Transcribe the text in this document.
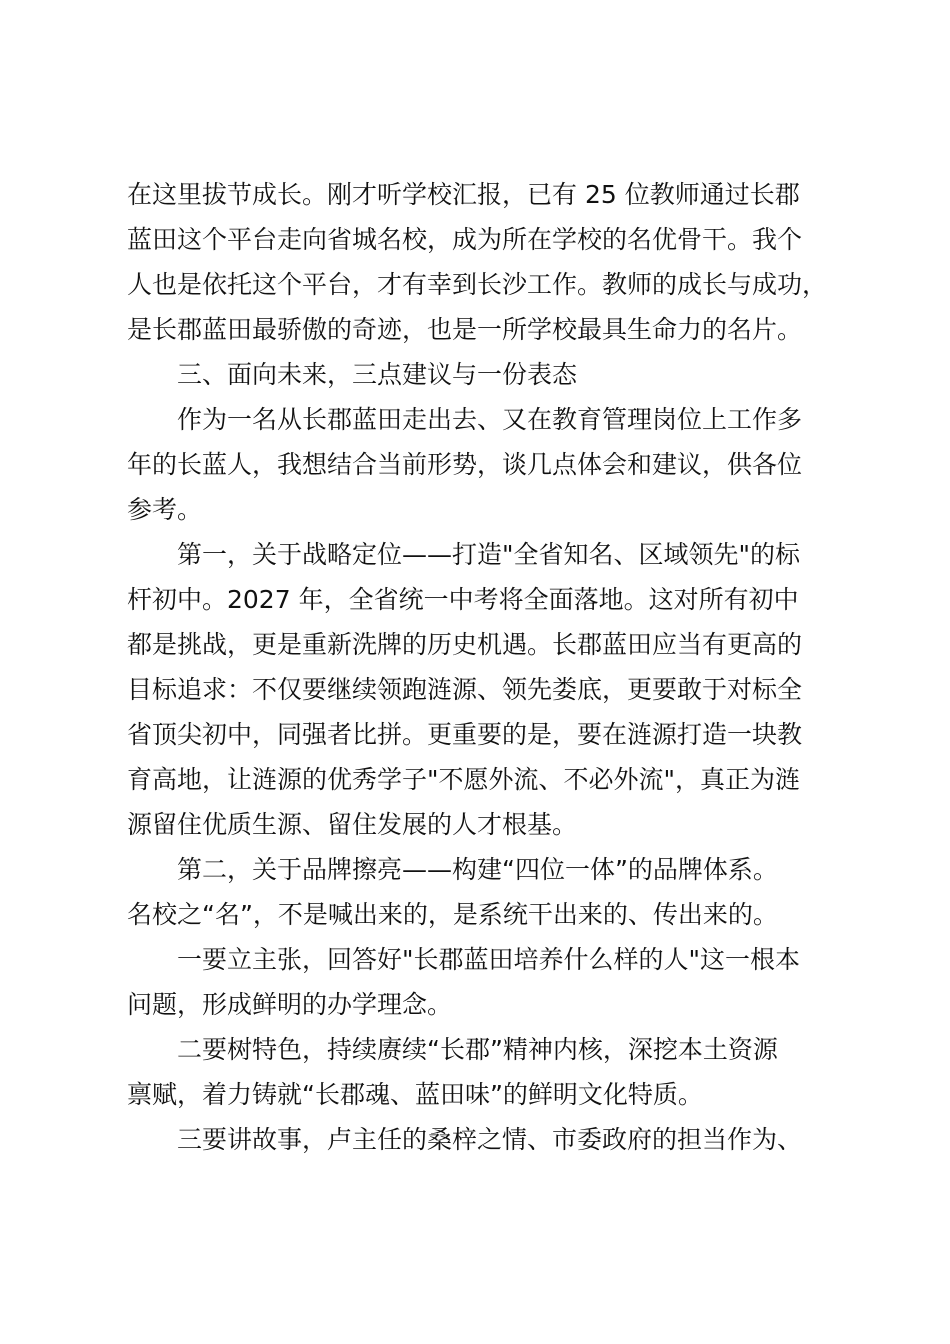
在这里拔节成长。刚才听学校汇报，已有 25 位教师通过长郡
蓝田这个平台走向省城名校，成为所在学校的名优骨干。我个
人也是依托这个平台，才有幸到长沙工作。教师的成长与成功，
是长郡蓝田最骄傲的奇迹，也是一所学校最具生命力的名片。
三、面向未来，三点建议与一份表态
作为一名从长郡蓝田走出去、又在教育管理岗位上工作多
年的长蓝人，我想结合当前形势，谈几点体会和建议，供各位
参考。
第一，关于战略定位——打造"全省知名、区域领先"的标
杆初中。2027 年，全省统一中考将全面落地。这对所有初中
都是挑战，更是重新洗牌的历史机遇。长郡蓝田应当有更高的
目标追求：不仅要继续领跑涟源、领先娄底，更要敢于对标全
省顶尖初中，同强者比拼。更重要的是，要在涟源打造一块教
育高地，让涟源的优秀学子"不愿外流、不必外流"，真正为涟
源留住优质生源、留住发展的人才根基。
第二，关于品牌擦亮——构建“四位一体”的品牌体系。
名校之“名”，不是喊出来的，是系统干出来的、传出来的。
一要立主张，回答好"长郡蓝田培养什么样的人"这一根本
问题，形成鲜明的办学理念。
二要树特色，持续赓续“长郡”精神内核，深挖本土资源
禀赋，着力铸就“长郡魂、蓝田味”的鲜明文化特质。
三要讲故事，卢主任的桑梓之情、市委政府的担当作为、
